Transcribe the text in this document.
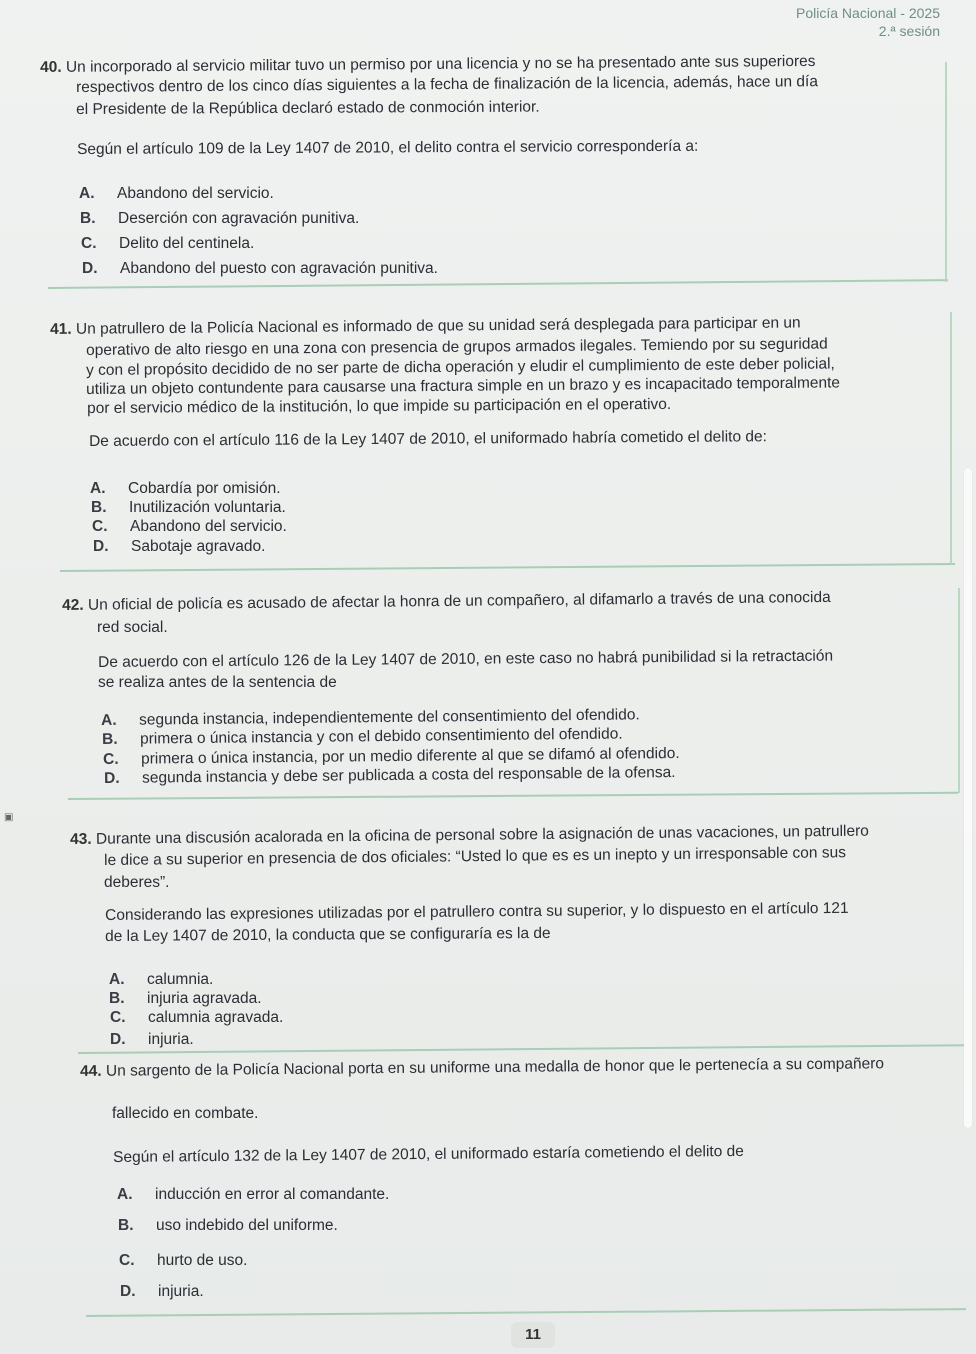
Policía Nacional - 2025
2.ª sesión
40. Un incorporado al servicio militar tuvo un permiso por una licencia y no se ha presentado ante sus superiores
respectivos dentro de los cinco días siguientes a la fecha de finalización de la licencia, además, hace un día
el Presidente de la República declaró estado de conmoción interior.
Según el artículo 109 de la Ley 1407 de 2010, el delito contra el servicio correspondería a:
A. Abandono del servicio.
B. Deserción con agravación punitiva.
C. Delito del centinela.
D. Abandono del puesto con agravación punitiva.
41. Un patrullero de la Policía Nacional es informado de que su unidad será desplegada para participar en un
operativo de alto riesgo en una zona con presencia de grupos armados ilegales. Temiendo por su seguridad
y con el propósito decidido de no ser parte de dicha operación y eludir el cumplimiento de este deber policial,
utiliza un objeto contundente para causarse una fractura simple en un brazo y es incapacitado temporalmente
por el servicio médico de la institución, lo que impide su participación en el operativo.
De acuerdo con el artículo 116 de la Ley 1407 de 2010, el uniformado habría cometido el delito de:
A. Cobardía por omisión.
B. Inutilización voluntaria.
C. Abandono del servicio.
D. Sabotaje agravado.
42. Un oficial de policía es acusado de afectar la honra de un compañero, al difamarlo a través de una conocida
red social.
De acuerdo con el artículo 126 de la Ley 1407 de 2010, en este caso no habrá punibilidad si la retractación
se realiza antes de la sentencia de
A. segunda instancia, independientemente del consentimiento del ofendido.
B. primera o única instancia y con el debido consentimiento del ofendido.
C. primera o única instancia, por un medio diferente al que se difamó al ofendido.
D. segunda instancia y debe ser publicada a costa del responsable de la ofensa.
▣
43. Durante una discusión acalorada en la oficina de personal sobre la asignación de unas vacaciones, un patrullero
le dice a su superior en presencia de dos oficiales: “Usted lo que es es un inepto y un irresponsable con sus
deberes”.
Considerando las expresiones utilizadas por el patrullero contra su superior, y lo dispuesto en el artículo 121
de la Ley 1407 de 2010, la conducta que se configuraría es la de
A. calumnia.
B. injuria agravada.
C. calumnia agravada.
D. injuria.
44. Un sargento de la Policía Nacional porta en su uniforme una medalla de honor que le pertenecía a su compañero
fallecido en combate.
Según el artículo 132 de la Ley 1407 de 2010, el uniformado estaría cometiendo el delito de
A. inducción en error al comandante.
B. uso indebido del uniforme.
C. hurto de uso.
D. injuria.
11
